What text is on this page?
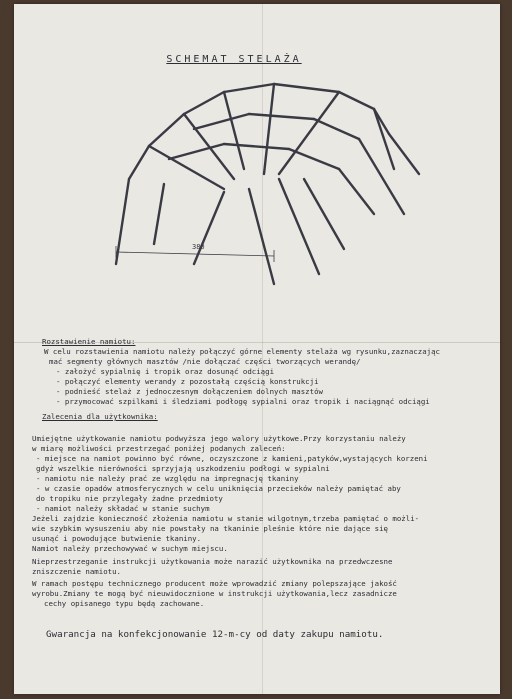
SCHEMAT STELAŻA
380
Rozstawienie namiotu:
W celu rozstawienia namiotu należy połączyć górne elementy stelaża wg rysunku,zaznaczając
mać segmenty głównych masztów /nie dołączać części tworzących werandę/
- założyć sypialnię i tropik oraz dosunąć odciągi
- połączyć elementy werandy z pozostałą częścią konstrukcji
- podnieść stelaż z jednoczesnym dołączeniem dolnych masztów
- przymocować szpilkami i śledziami podłogę sypialni oraz tropik i naciągnąć odciągi
Zalecenia dla użytkownika:
Umiejętne użytkowanie namiotu podwyższa jego walory użytkowe.Przy korzystaniu należy
w miarę możliwości przestrzegać poniżej podanych zaleceń:
- miejsce na namiot powinno być równe, oczyszczone z kamieni,patyków,wystających korzeni
gdyż wszelkie nierówności sprzyjają uszkodzeniu podłogi w sypialni
- namiotu nie należy prać ze względu na impregnację tkaniny
- w czasie opadów atmosferycznych w celu uniknięcia przecieków należy pamiętać aby
do tropiku nie przylegały żadne przedmioty
- namiot należy składać w stanie suchym
Jeżeli zajdzie konieczność złożenia namiotu w stanie wilgotnym,trzeba pamiętać o możli-
wie szybkim wysuszeniu aby nie powstały na tkaninie pleśnie które nie dające się
usunąć i powodujące butwienie tkaniny.
Namiot należy przechowywać w suchym miejscu.
Nieprzestrzeganie instrukcji użytkowania może narazić użytkownika na przedwczesne
zniszczenie namiotu.
W ramach postępu technicznego producent może wprowadzić zmiany polepszające jakość
wyrobu.Zmiany te mogą być nieuwidocznione w instrukcji użytkowania,lecz zasadnicze
cechy opisanego typu będą zachowane.
Gwarancja na konfekcjonowanie 12-m-cy od daty zakupu namiotu.
